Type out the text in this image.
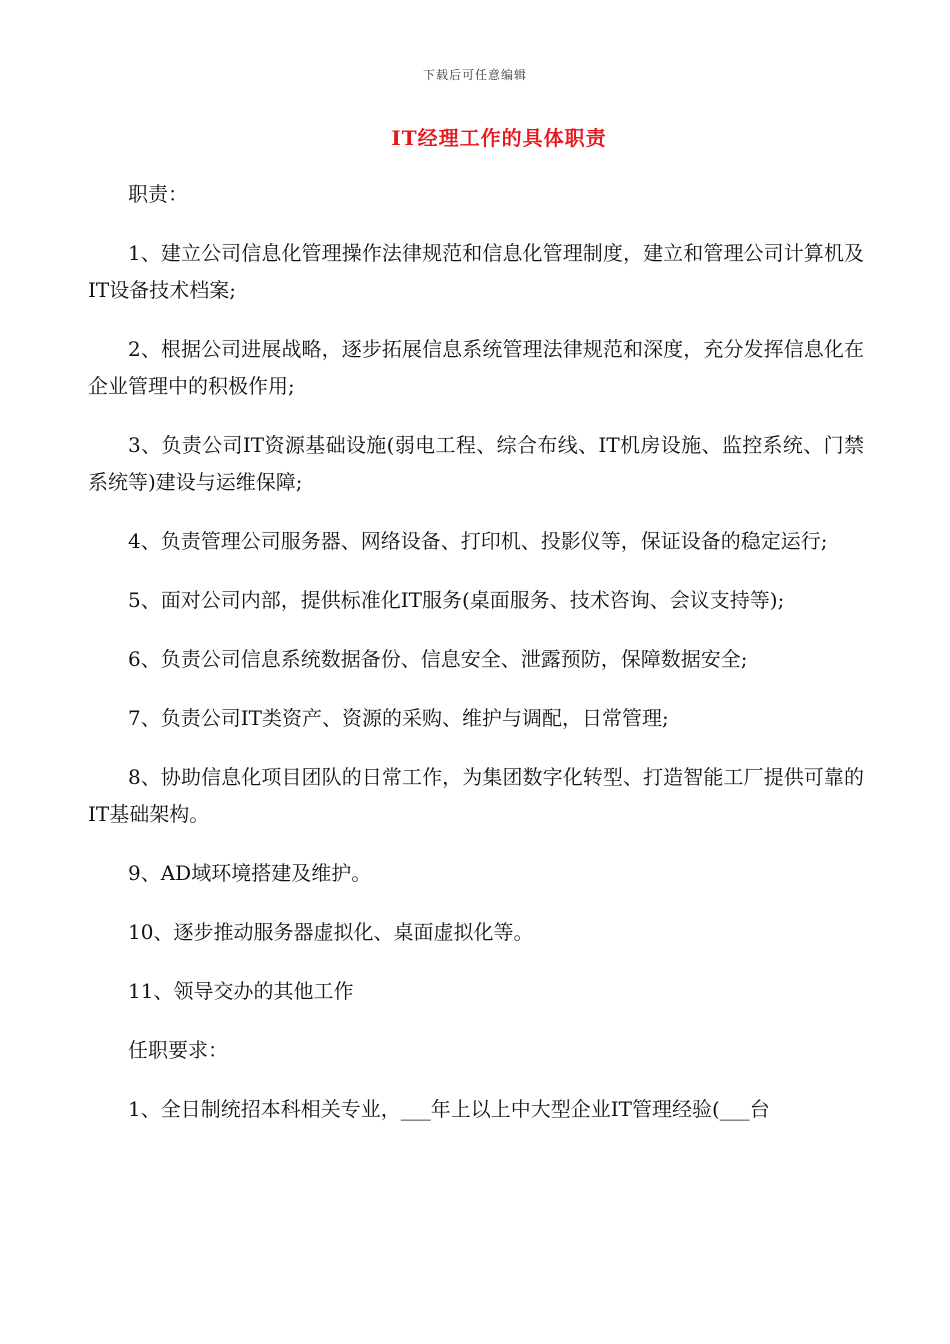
下载后可任意编辑
IT经理工作的具体职责

职责：

1、建立公司信息化管理操作法律规范和信息化管理制度，建立和管理公司计算机及IT设备技术档案;

2、根据公司进展战略，逐步拓展信息系统管理法律规范和深度，充分发挥信息化在企业管理中的积极作用;

3、负责公司IT资源基础设施(弱电工程、综合布线、IT机房设施、监控系统、门禁系统等)建设与运维保障;

4、负责管理公司服务器、网络设备、打印机、投影仪等，保证设备的稳定运行;

5、面对公司内部，提供标准化IT服务(桌面服务、技术咨询、会议支持等);

6、负责公司信息系统数据备份、信息安全、泄露预防，保障数据安全;

7、负责公司IT类资产、资源的采购、维护与调配，日常管理;

8、协助信息化项目团队的日常工作，为集团数字化转型、打造智能工厂提供可靠的IT基础架构。

9、AD域环境搭建及维护。

10、逐步推动服务器虚拟化、桌面虚拟化等。

11、领导交办的其他工作

任职要求：

1、全日制统招本科相关专业，___年上以上中大型企业IT管理经验(___台
